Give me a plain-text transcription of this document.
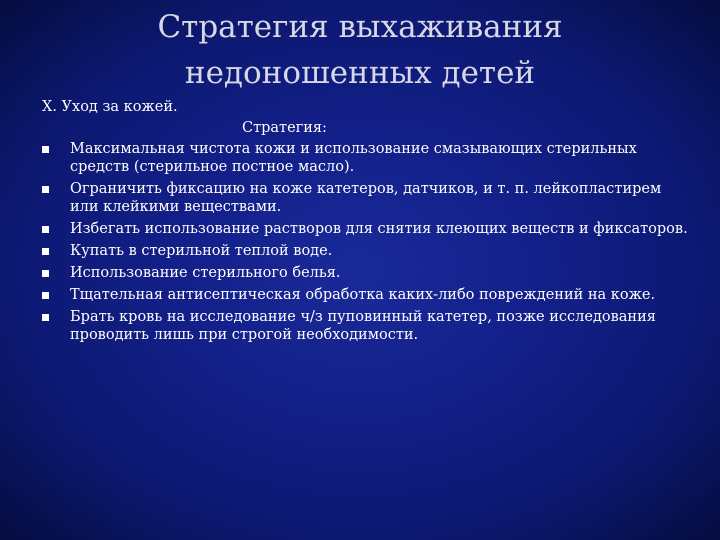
Стратегия выхаживания
недоношенных детей

X. Уход за кожей.

Стратегия:

Максимальная чистота кожи и использование смазывающих стерильных средств (стерильное постное масло).
Ограничить фиксацию на коже катетеров, датчиков, и т. п. лейкопластирем или клейкими веществами.
Избегать использование растворов для снятия клеющих веществ и фиксаторов.
Купать в стерильной теплой воде.
Использование стерильного белья.
Тщательная антисептическая обработка каких-либо повреждений на коже.
Брать кровь на исследование ч/з пуповинный катетер, позже исследования проводить лишь при строгой необходимости.
